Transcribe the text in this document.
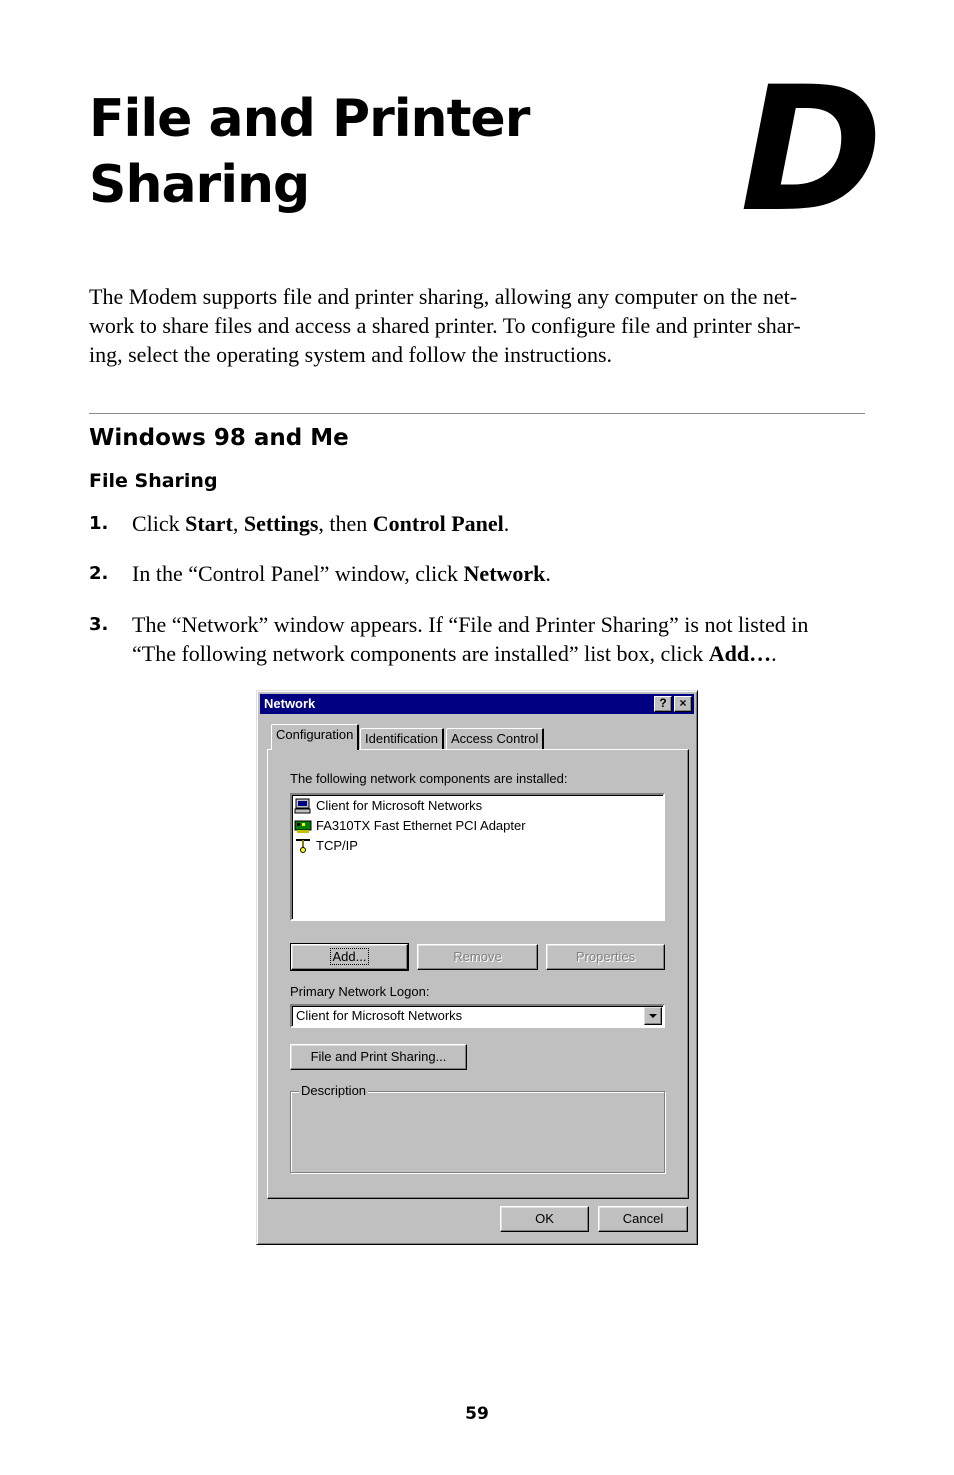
File and Printer
Sharing	D
The Modem supports file and printer sharing, allowing any computer on the net-
work to share files and access a shared printer. To configure file and printer shar-
ing, select the operating system and follow the instructions.
Windows 98 and Me
File Sharing
1. Click Start, Settings, then Control Panel.
2. In the “Control Panel” window, click Network.
3. The “Network” window appears. If “File and Printer Sharing” is not listed in
“The following network components are installed” list box, click Add….
Network	?	×
Configuration Identification	Access Control
The following network components are installed:
Client for Microsoft Networks
FA310TX Fast Ethernet PCI Adapter
TCP/IP
Add...	Remove	Properties
Primary Network Logon:
Client for Microsoft Networks
File and Print Sharing...
Description
OK	Cancel
59
